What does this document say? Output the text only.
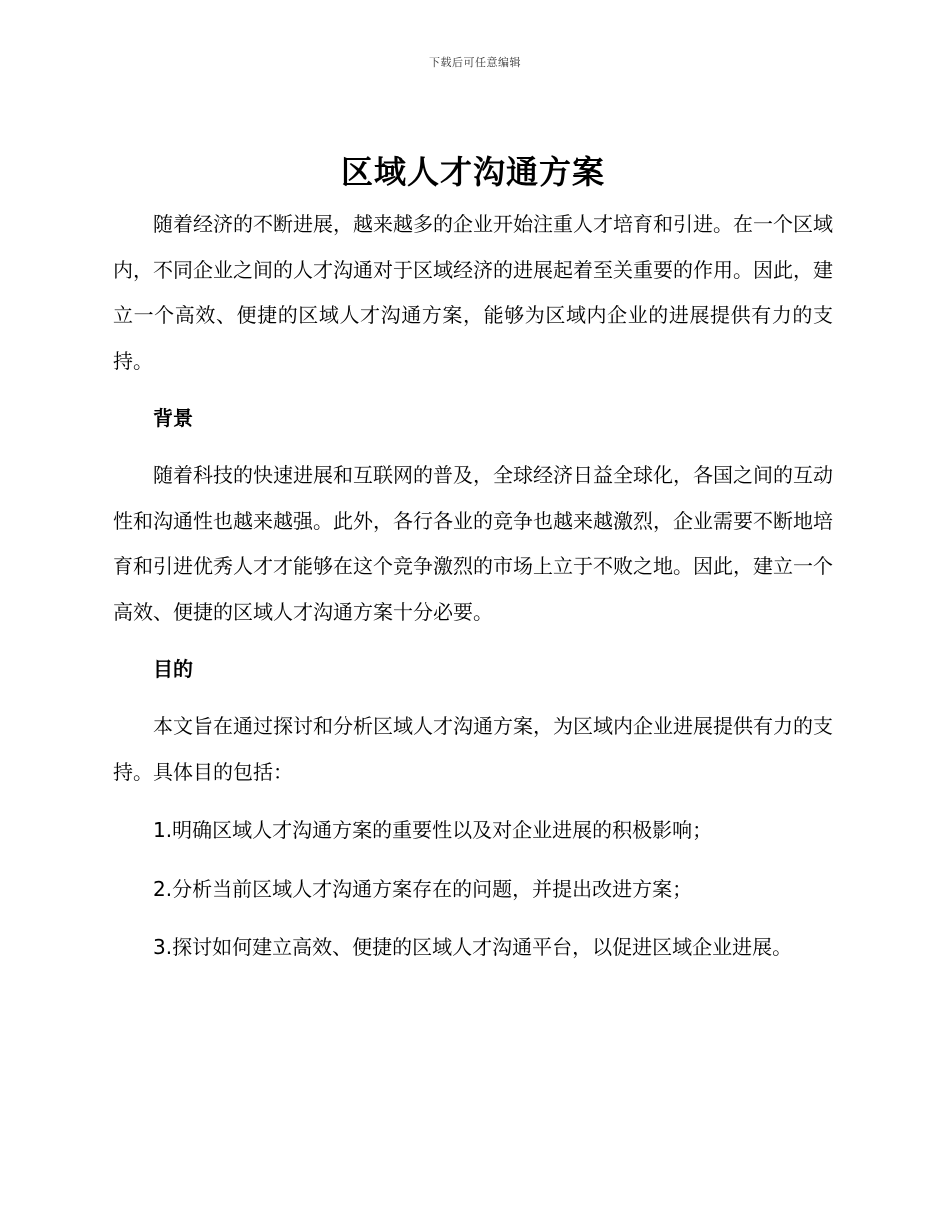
下载后可任意编辑
区域人才沟通方案

随着经济的不断进展，越来越多的企业开始注重人才培育和引进。在一个区域内，不同企业之间的人才沟通对于区域经济的进展起着至关重要的作用。因此，建立一个高效、便捷的区域人才沟通方案，能够为区域内企业的进展提供有力的支持。

背景

随着科技的快速进展和互联网的普及，全球经济日益全球化，各国之间的互动性和沟通性也越来越强。此外，各行各业的竞争也越来越激烈，企业需要不断地培育和引进优秀人才才能够在这个竞争激烈的市场上立于不败之地。因此，建立一个高效、便捷的区域人才沟通方案十分必要。

目的

本文旨在通过探讨和分析区域人才沟通方案，为区域内企业进展提供有力的支持。具体目的包括：

1.明确区域人才沟通方案的重要性以及对企业进展的积极影响；

2.分析当前区域人才沟通方案存在的问题，并提出改进方案；

3.探讨如何建立高效、便捷的区域人才沟通平台，以促进区域企业进展。
